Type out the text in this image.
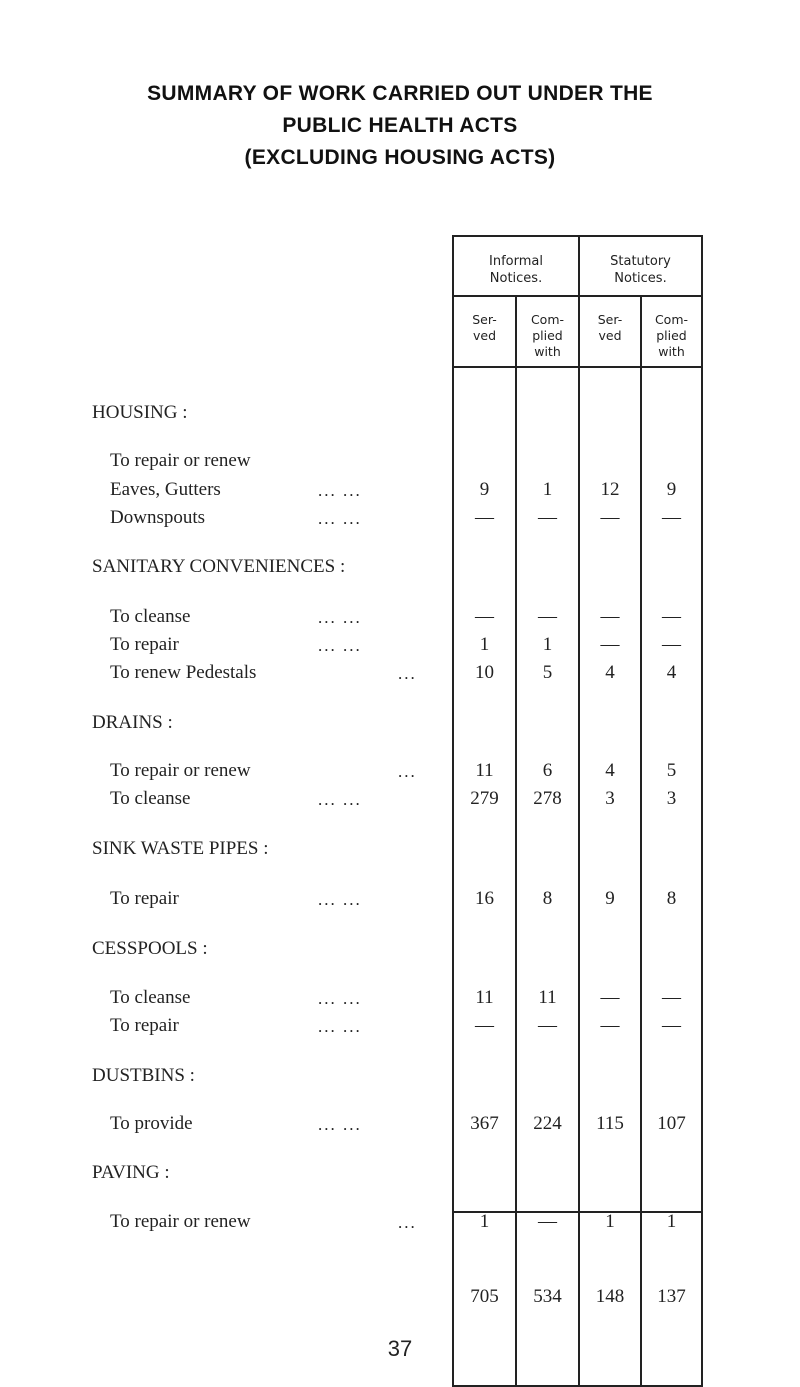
SUMMARY OF WORK CARRIED OUT UNDER THE
PUBLIC HEALTH ACTS
(EXCLUDING HOUSING ACTS)
Informal
Notices.
Statutory
Notices.
Ser-
ved
Com-
plied
with
Ser-
ved
Com-
plied
with
HOUSING :
To repair or renew
Eaves, Gutters	... ...	9	1	12	9
Downspouts	... ...	—	—	—	—
SANITARY CONVENIENCES :
To cleanse	... ...	—	—	—	—
To repair	... ...	1	1	—	—
To renew Pedestals	...	10	5	4	4
DRAINS :
To repair or renew	...	11	6	4	5
To cleanse	... ...	279	278	3	3
SINK WASTE PIPES :
To repair	... ...	16	8	9	8
CESSPOOLS :
To cleanse	... ...	11	11	—	—
To repair	... ...	—	—	—	—
DUSTBINS :
To provide	... ...	367	224	115	107
PAVING :
To repair or renew	...	1	—	1	1
705	534	148	137
37
